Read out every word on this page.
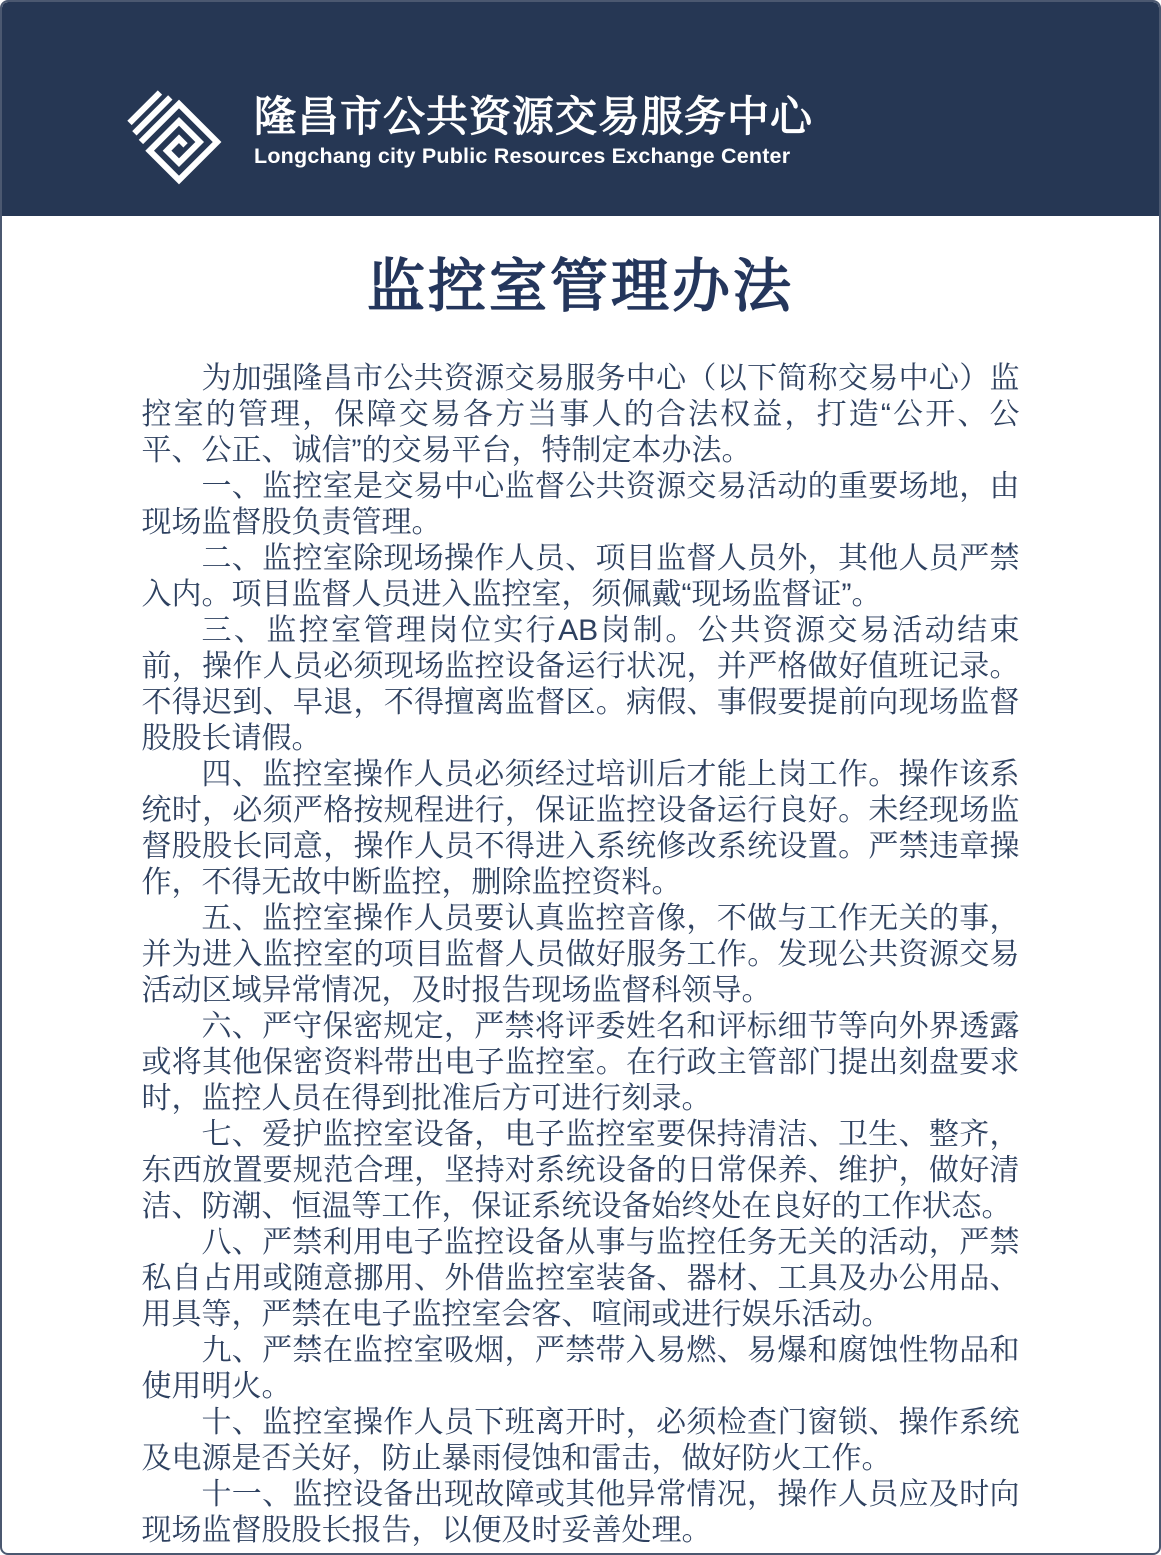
隆昌市公共资源交易服务中心
Longchang city Public Resources Exchange Center
监控室管理办法

为加强隆昌市公共资源交易服务中心（以下简称交易中心）监控室的管理，保障交易各方当事人的合法权益，打造“公开、公平、公正、诚信”的交易平台，特制定本办法。

一、监控室是交易中心监督公共资源交易活动的重要场地，由现场监督股负责管理。

二、监控室除现场操作人员、项目监督人员外，其他人员严禁入内。项目监督人员进入监控室，须佩戴“现场监督证”。

三、监控室管理岗位实行AB岗制。公共资源交易活动结束前，操作人员必须现场监控设备运行状况，并严格做好值班记录。不得迟到、早退，不得擅离监督区。病假、事假要提前向现场监督股股长请假。

四、监控室操作人员必须经过培训后才能上岗工作。操作该系统时，必须严格按规程进行，保证监控设备运行良好。未经现场监督股股长同意，操作人员不得进入系统修改系统设置。严禁违章操作，不得无故中断监控，删除监控资料。

五、监控室操作人员要认真监控音像，不做与工作无关的事，并为进入监控室的项目监督人员做好服务工作。发现公共资源交易活动区域异常情况，及时报告现场监督科领导。

六、严守保密规定，严禁将评委姓名和评标细节等向外界透露或将其他保密资料带出电子监控室。在行政主管部门提出刻盘要求时，监控人员在得到批准后方可进行刻录。

七、爱护监控室设备，电子监控室要保持清洁、卫生、整齐，东西放置要规范合理，坚持对系统设备的日常保养、维护，做好清洁、防潮、恒温等工作，保证系统设备始终处在良好的工作状态。

八、严禁利用电子监控设备从事与监控任务无关的活动，严禁私自占用或随意挪用、外借监控室装备、器材、工具及办公用品、用具等，严禁在电子监控室会客、喧闹或进行娱乐活动。

九、严禁在监控室吸烟，严禁带入易燃、易爆和腐蚀性物品和使用明火。

十、监控室操作人员下班离开时，必须检查门窗锁、操作系统及电源是否关好，防止暴雨侵蚀和雷击，做好防火工作。

十一、监控设备出现故障或其他异常情况，操作人员应及时向现场监督股股长报告，以便及时妥善处理。
